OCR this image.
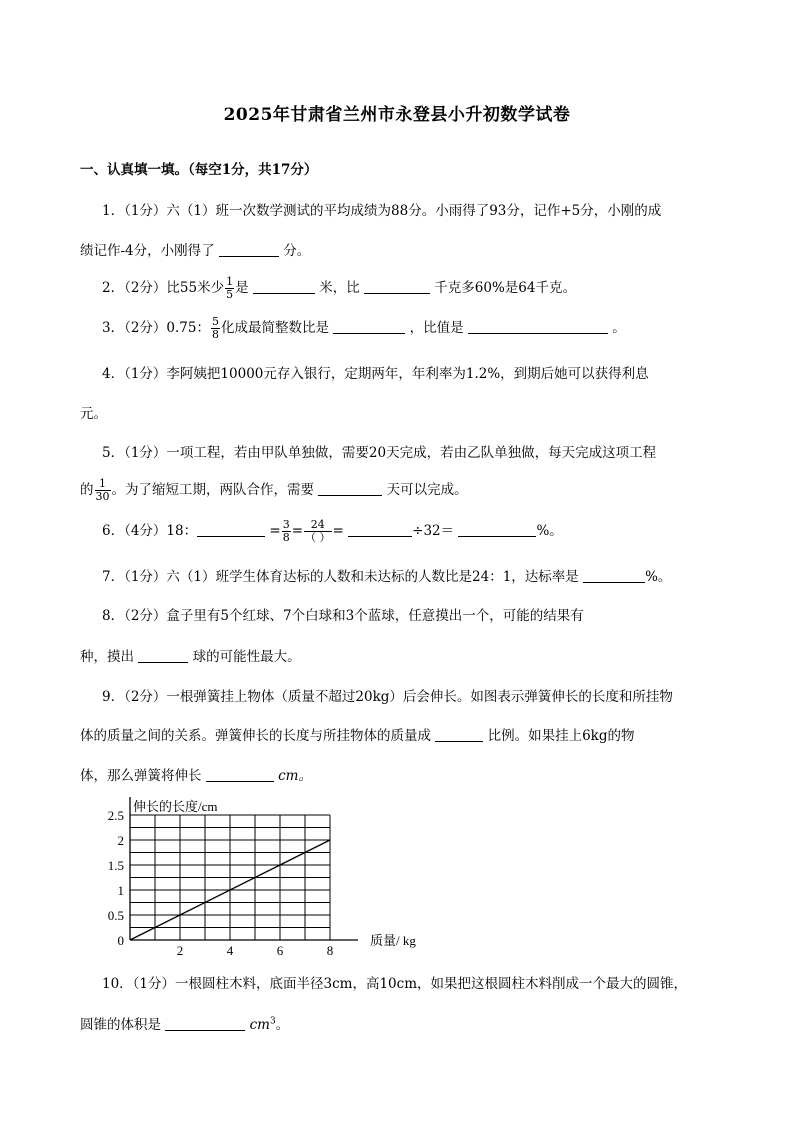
2025年甘肃省兰州市永登县小升初数学试卷
一、认真填一填。（每空1分，共17分）
1．（1分）六（1）班一次数学测试的平均成绩为88分。小雨得了93分，记作+5分，小刚的成
绩记作-4分，小刚得了	分。
2．（2分）比55米少 $\frac{1}{5}$ 是	米，比	千克多60%是64千克。
3．（2分）0.75： $\frac{5}{8}$ 化成最简整数比是	，比值是	。
4．（1分）李阿姨把10000元存入银行，定期两年，年利率为1.2%，到期后她可以获得利息
元。
5．（1分）一项工程，若由甲队单独做，需要20天完成，若由乙队单独做，每天完成这项工程
的 $\frac{1}{30}$ 。为了缩短工期，两队合作，需要	天可以完成。
6．（4分）18：	= $\frac{3}{8} = \frac{24}{( )}$ =	÷32＝	%。
7．（1分）六（1）班学生体育达标的人数和未达标的人数比是24：1，达标率是	%。
8．（2分）盒子里有5个红球、7个白球和3个蓝球，任意摸出一个，可能的结果有
种，摸出	球的可能性最大。
9．（2分）一根弹簧挂上物体（质量不超过20kg）后会伸长。如图表示弹簧伸长的长度和所挂物
体的质量之间的关系。弹簧伸长的长度与所挂物体的质量成	比例。如果挂上6kg的物
体，那么弹簧将伸长	cm。
2	4	6	8
0
0.5
1
1.5
2
2.5
伸长的长度/cm
质量/ kg
10．（1分）一根圆柱木料，底面半径3cm，高10cm，如果把这根圆柱木料削成一个最大的圆锥，
圆锥的体积是	$cm^3$。
